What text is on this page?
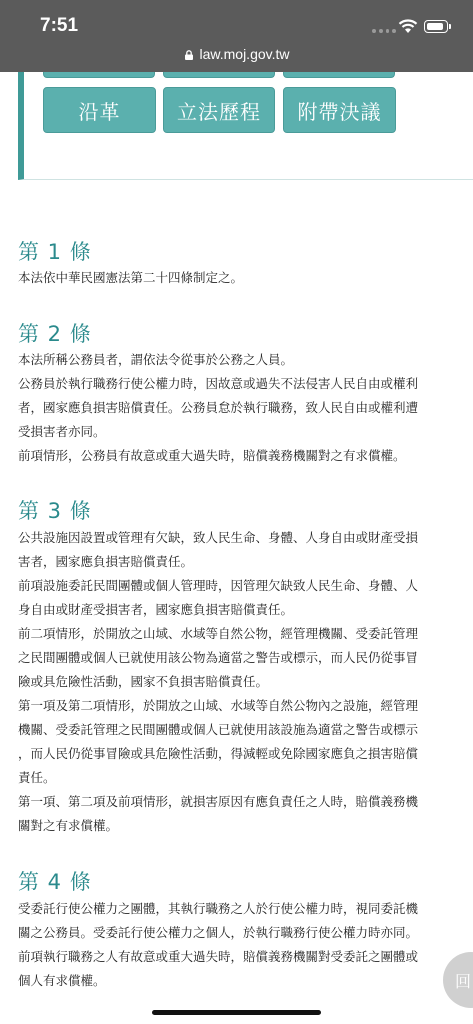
7:51
law.moj.gov.tw
沿革	立法歷程	附帶決議
第 1 條
本法依中華民國憲法第二十四條制定之。
第 2 條
本法所稱公務員者，謂依法令從事於公務之人員。
公務員於執行職務行使公權力時，因故意或過失不法侵害人民自由或權利
者，國家應負損害賠償責任。公務員怠於執行職務，致人民自由或權利遭
受損害者亦同。
前項情形，公務員有故意或重大過失時，賠償義務機關對之有求償權。
第 3 條
公共設施因設置或管理有欠缺，致人民生命、身體、人身自由或財產受損
害者，國家應負損害賠償責任。
前項設施委託民間團體或個人管理時，因管理欠缺致人民生命、身體、人
身自由或財產受損害者，國家應負損害賠償責任。
前二項情形，於開放之山域、水域等自然公物，經管理機關、受委託管理
之民間團體或個人已就使用該公物為適當之警告或標示，而人民仍從事冒
險或具危險性活動，國家不負損害賠償責任。
第一項及第二項情形，於開放之山域、水域等自然公物內之設施，經管理
機關、受委託管理之民間團體或個人已就使用該設施為適當之警告或標示
，而人民仍從事冒險或具危險性活動，得減輕或免除國家應負之損害賠償
責任。
第一項、第二項及前項情形，就損害原因有應負責任之人時，賠償義務機
關對之有求償權。
第 4 條
受委託行使公權力之團體，其執行職務之人於行使公權力時，視同委託機
關之公務員。受委託行使公權力之個人，於執行職務行使公權力時亦同。
前項執行職務之人有故意或重大過失時，賠償義務機關對受委託之團體或
個人有求償權。	回
